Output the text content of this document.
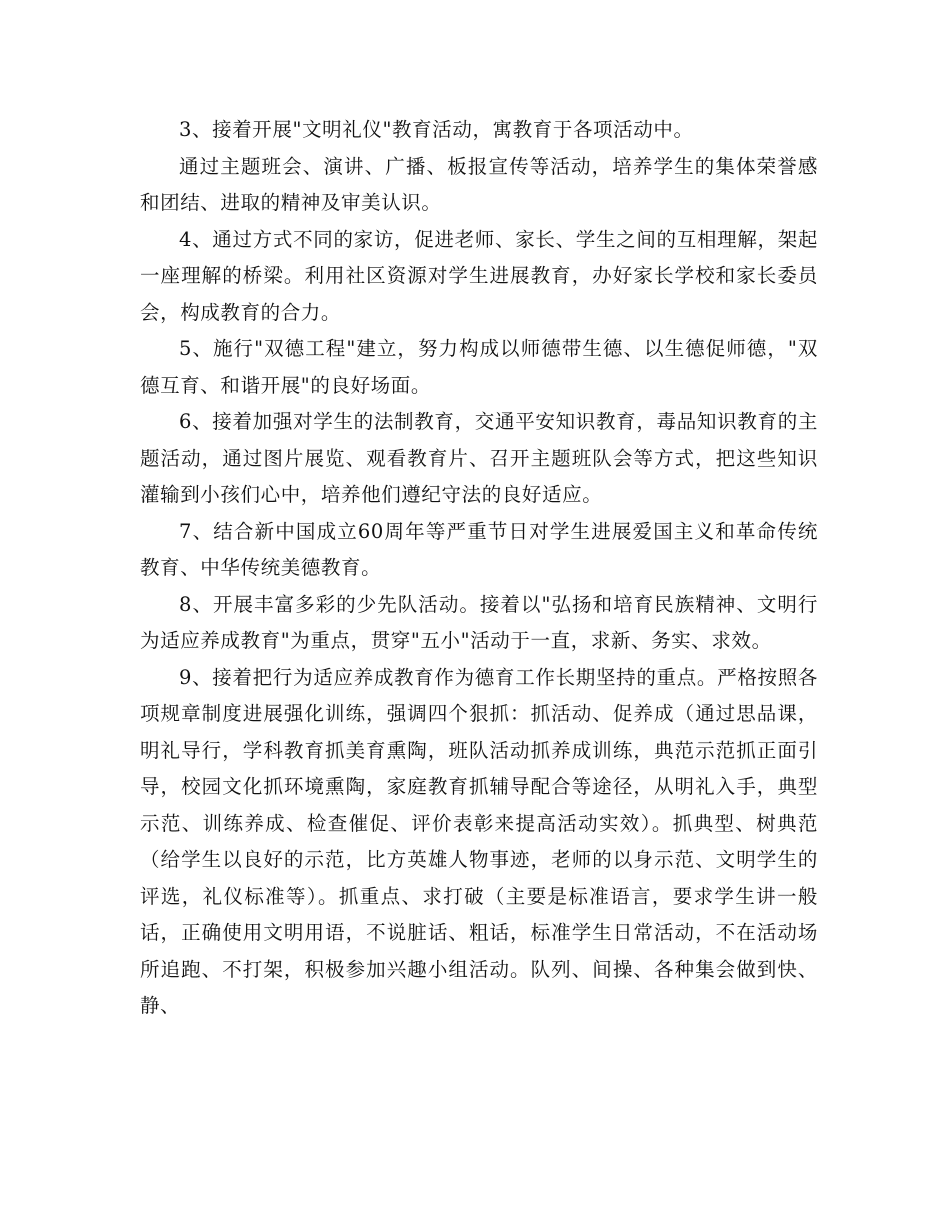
3、接着开展"文明礼仪"教育活动，寓教育于各项活动中。

通过主题班会、演讲、广播、板报宣传等活动，培养学生的集体荣誉感和团结、进取的精神及审美认识。

4、通过方式不同的家访，促进老师、家长、学生之间的互相理解，架起一座理解的桥梁。利用社区资源对学生进展教育，办好家长学校和家长委员会，构成教育的合力。

5、施行"双德工程"建立，努力构成以师德带生德、以生德促师德，"双德互育、和谐开展"的良好场面。

6、接着加强对学生的法制教育，交通平安知识教育，毒品知识教育的主题活动，通过图片展览、观看教育片、召开主题班队会等方式，把这些知识灌输到小孩们心中，培养他们遵纪守法的良好适应。

7、结合新中国成立60周年等严重节日对学生进展爱国主义和革命传统教育、中华传统美德教育。

8、开展丰富多彩的少先队活动。接着以"弘扬和培育民族精神、文明行为适应养成教育"为重点，贯穿"五小"活动于一直，求新、务实、求效。

9、接着把行为适应养成教育作为德育工作长期坚持的重点。严格按照各项规章制度进展强化训练，强调四个狠抓：抓活动、促养成（通过思品课，明礼导行，学科教育抓美育熏陶，班队活动抓养成训练，典范示范抓正面引导，校园文化抓环境熏陶，家庭教育抓辅导配合等途径，从明礼入手，典型示范、训练养成、检查催促、评价表彰来提高活动实效）。抓典型、树典范（给学生以良好的示范，比方英雄人物事迹，老师的以身示范、文明学生的评选，礼仪标准等）。抓重点、求打破（主要是标准语言，要求学生讲一般话，正确使用文明用语，不说脏话、粗话，标准学生日常活动，不在活动场所追跑、不打架，积极参加兴趣小组活动。队列、间操、各种集会做到快、静、
